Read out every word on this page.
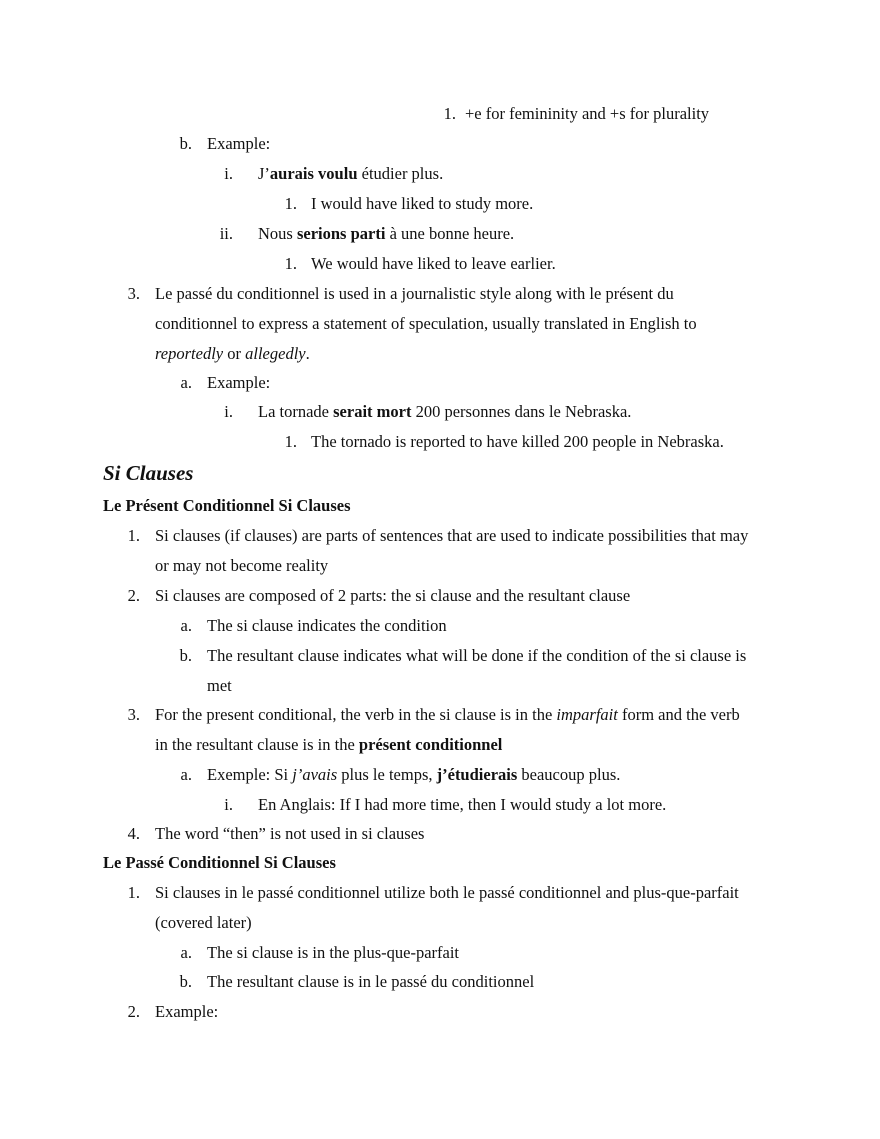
1. +e for femininity and +s for plurality
b. Example:
i. J’aurais voulu étudier plus.
1. I would have liked to study more.
ii. Nous serions parti à une bonne heure.
1. We would have liked to leave earlier.
3. Le passé du conditionnel is used in a journalistic style along with le présent du
conditionnel to express a statement of speculation, usually translated in English to
reportedly or allegedly.
a. Example:
i. La tornade serait mort 200 personnes dans le Nebraska.
1. The tornado is reported to have killed 200 people in Nebraska.
Si Clauses
Le Présent Conditionnel Si Clauses
1. Si clauses (if clauses) are parts of sentences that are used to indicate possibilities that may
or may not become reality
2. Si clauses are composed of 2 parts: the si clause and the resultant clause
a. The si clause indicates the condition
b. The resultant clause indicates what will be done if the condition of the si clause is
met
3. For the present conditional, the verb in the si clause is in the imparfait form and the verb
in the resultant clause is in the présent conditionnel
a. Exemple: Si j’avais plus le temps, j’étudierais beaucoup plus.
i. En Anglais: If I had more time, then I would study a lot more.
4. The word “then” is not used in si clauses
Le Passé Conditionnel Si Clauses
1. Si clauses in le passé conditionnel utilize both le passé conditionnel and plus-que-parfait
(covered later)
a. The si clause is in the plus-que-parfait
b. The resultant clause is in le passé du conditionnel
2. Example:
